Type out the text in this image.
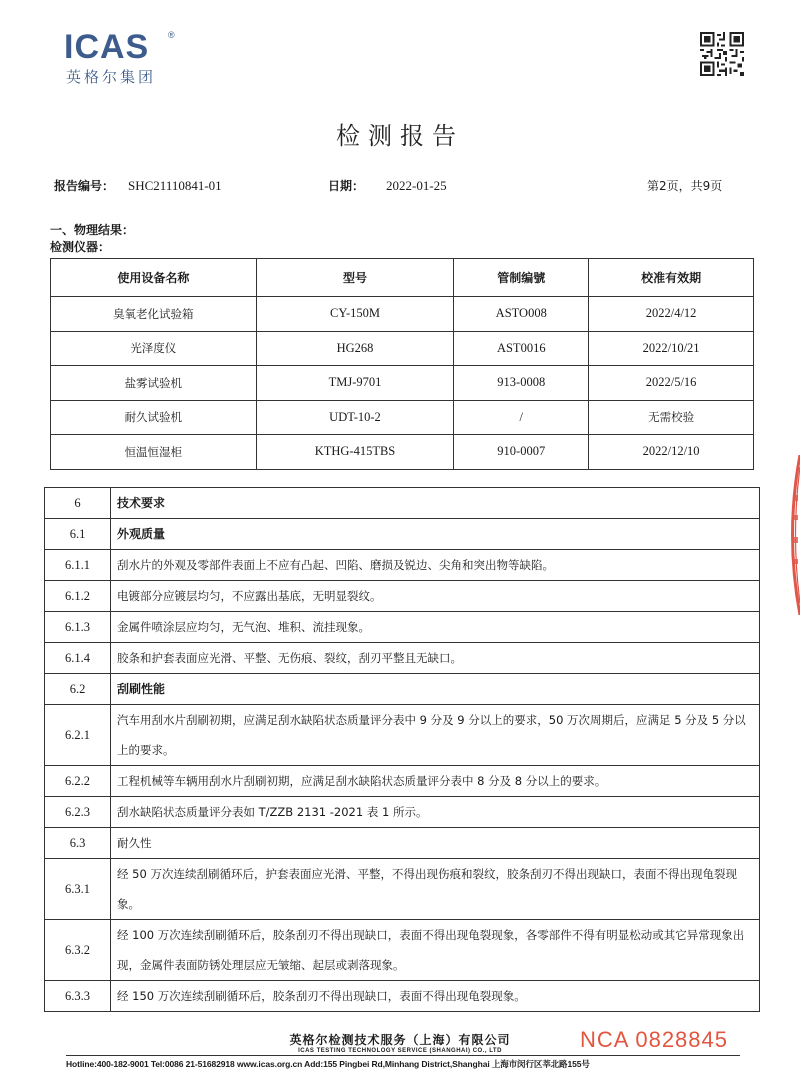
ICAS	®
英格尔集团
检测报告
报告编号： SHC21110841-01	日期： 2022-01-25	第2页，共9页
一、物理结果：
检测仪器：
使用设备名称	型号	管制编號	校准有效期
臭氧老化试验箱	CY-150M	ASTO008	2022/4/12
光泽度仪	HG268	AST0016	2022/10/21
盐雾试验机	TMJ-9701	913-0008	2022/5/16
耐久试验机	UDT-10-2	/	无需校验
恒温恒湿柜	KTHG-415TBS	910-0007	2022/12/10
6	技术要求
6.1	外观质量
6.1.1	刮水片的外观及零部件表面上不应有凸起、凹陷、磨损及锐边、尖角和突出物等缺陷。
6.1.2	电镀部分应镀层均匀，不应露出基底，无明显裂纹。
6.1.3	金属件喷涂层应均匀，无气泡、堆积、流挂现象。
6.1.4	胶条和护套表面应光滑、平整、无伤痕、裂纹，刮刃平整且无缺口。
6.2	刮刷性能
6.2.1	汽车用刮水片刮刷初期，应满足刮水缺陷状态质量评分表中 9 分及 9 分以上的要求，50 万次周期后，应满足 5 分及 5 分以上的要求。
6.2.2	工程机械等车辆用刮水片刮刷初期，应满足刮水缺陷状态质量评分表中 8 分及 8 分以上的要求。
6.2.3	刮水缺陷状态质量评分表如 T/ZZB 2131 -2021 表 1 所示。
6.3	耐久性
6.3.1	经 50 万次连续刮刷循环后，护套表面应光滑、平整，不得出现伤痕和裂纹，胶条刮刃不得出现缺口，表面不得出现龟裂现象。
6.3.2	经 100 万次连续刮刷循环后，胶条刮刃不得出现缺口，表面不得出现龟裂现象，各零部件不得有明显松动或其它异常现象出现，金属件表面防锈处理层应无皱缩、起层或剥落现象。
6.3.3	经 150 万次连续刮刷循环后，胶条刮刃不得出现缺口，表面不得出现龟裂现象。
英格尔检测技术服务（上海）有限公司
ICAS TESTING TECHNOLOGY SERVICE (SHANGHAI) CO., LTD
Hotline:400-182-9001 Tel:0086 21-51682918 www.icas.org.cn Add:155 Pingbei Rd,Minhang District,Shanghai 上海市闵行区莘北路155号
NCA 0828845
